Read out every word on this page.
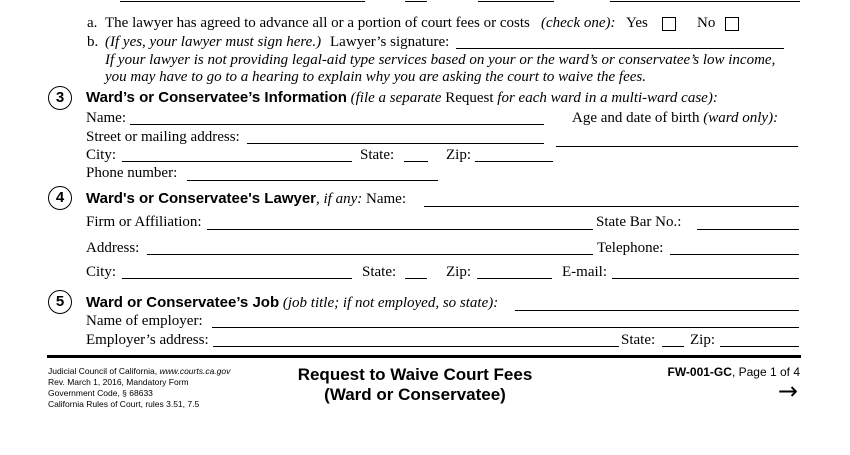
a. The lawyer has agreed to advance all or a portion of court fees or costs (check one): Yes	No
b. (If yes, your lawyer must sign here.) Lawyer’s signature:
If your lawyer is not providing legal-aid type services based on your or the ward’s or conservatee’s low income,
you may have to go to a hearing to explain why you are asking the court to waive the fees.
3	Ward’s or Conservatee’s Information (file a separate Request for each ward in a multi-ward case):
Name:	Age and date of birth (ward only):
Street or mailing address:
City:	State:	Zip:
Phone number:
4	Ward's or Conservatee's Lawyer, if any: Name:
Firm or Affiliation:	State Bar No.:
Address:	Telephone:
City:	State:	Zip:	E-mail:
5	Ward or Conservatee’s Job (job title; if not employed, so state):
Name of employer:
Employer’s address:	State: Zip:
Judicial Council of California, www.courts.ca.gov
Rev. March 1, 2016, Mandatory Form
Government Code, § 68633
California Rules of Court, rules 3.51, 7.5
Request to Waive Court Fees
(Ward or Conservatee)
FW-001-GC, Page 1 of 4
→
